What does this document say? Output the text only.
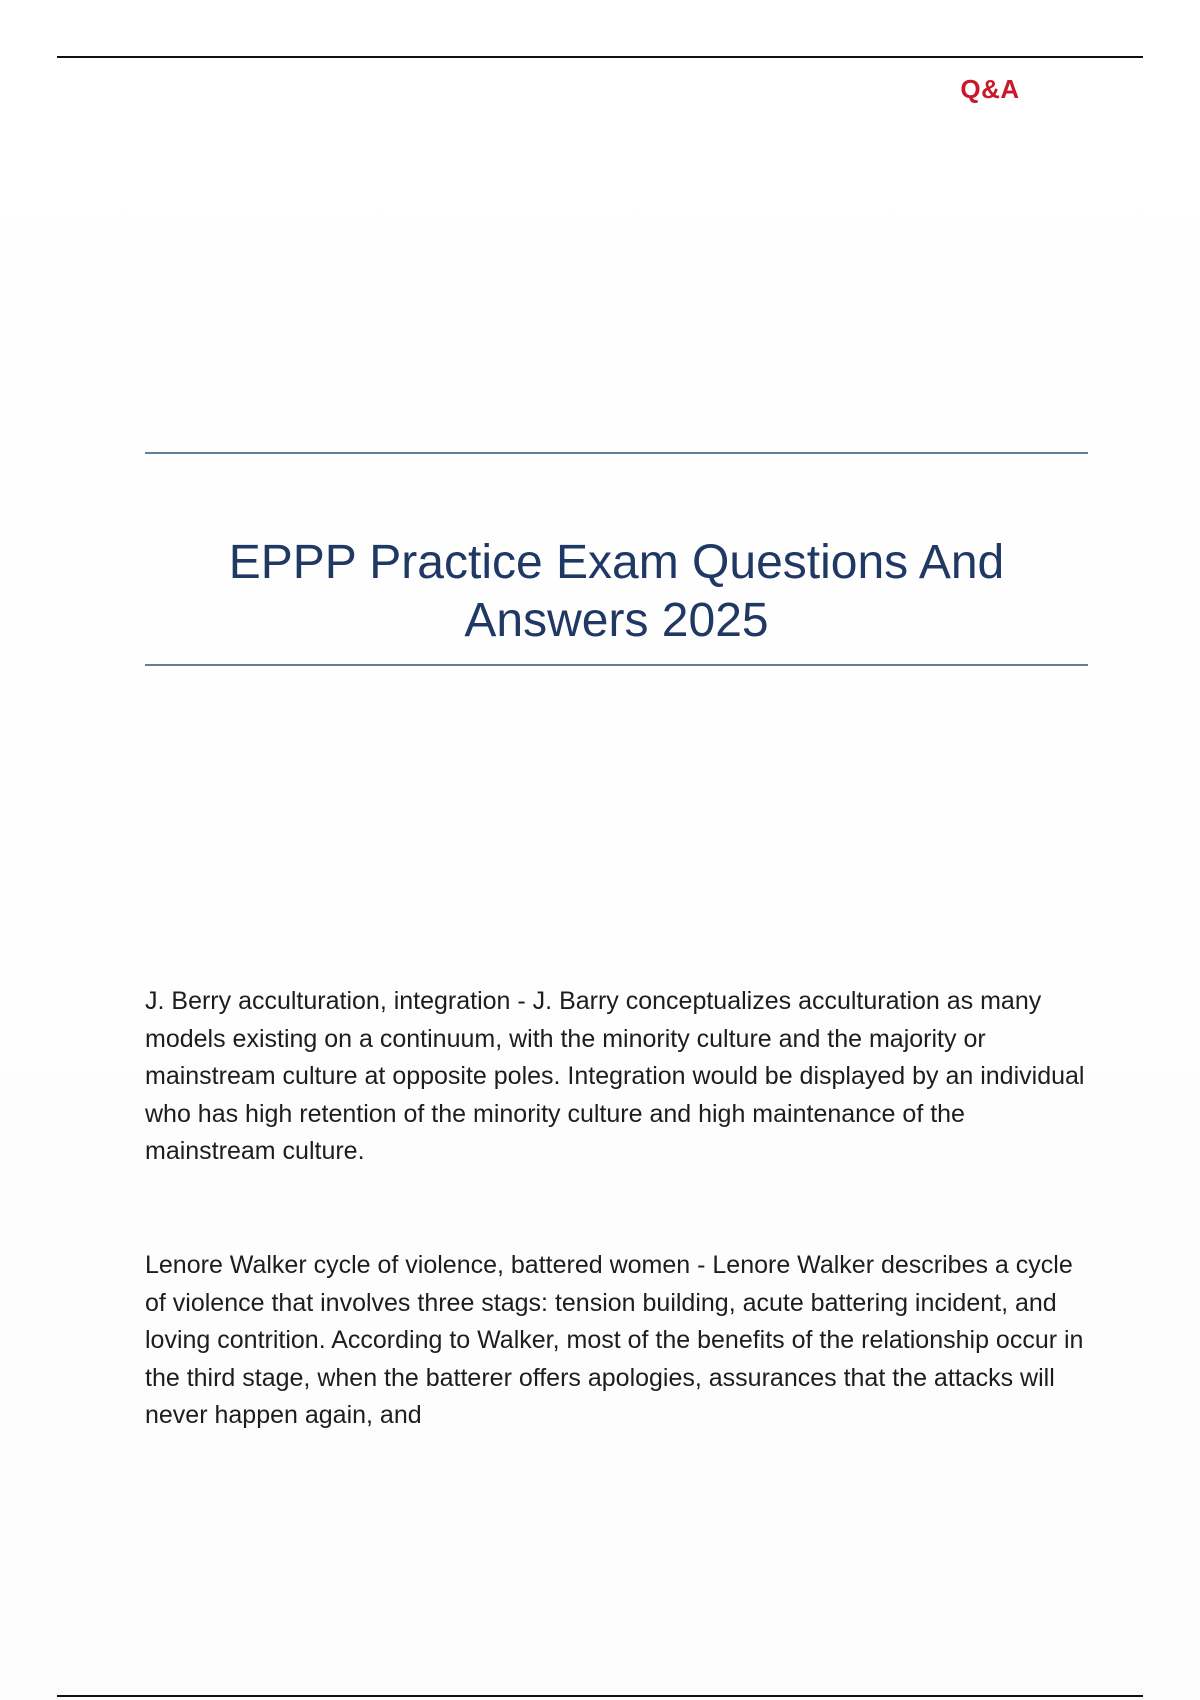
Q&A
EPPP Practice Exam Questions And
Answers 2025
J. Berry acculturation, integration - J. Barry conceptualizes acculturation as many models existing on a continuum, with the minority culture and the majority or mainstream culture at opposite poles. Integration would be displayed by an individual who has high retention of the minority culture and high maintenance of the mainstream culture.
Lenore Walker cycle of violence, battered women - Lenore Walker describes a cycle of violence that involves three stags: tension building, acute battering incident, and loving contrition. According to Walker, most of the benefits of the relationship occur in the third stage, when the batterer offers apologies, assurances that the attacks will never happen again, and
